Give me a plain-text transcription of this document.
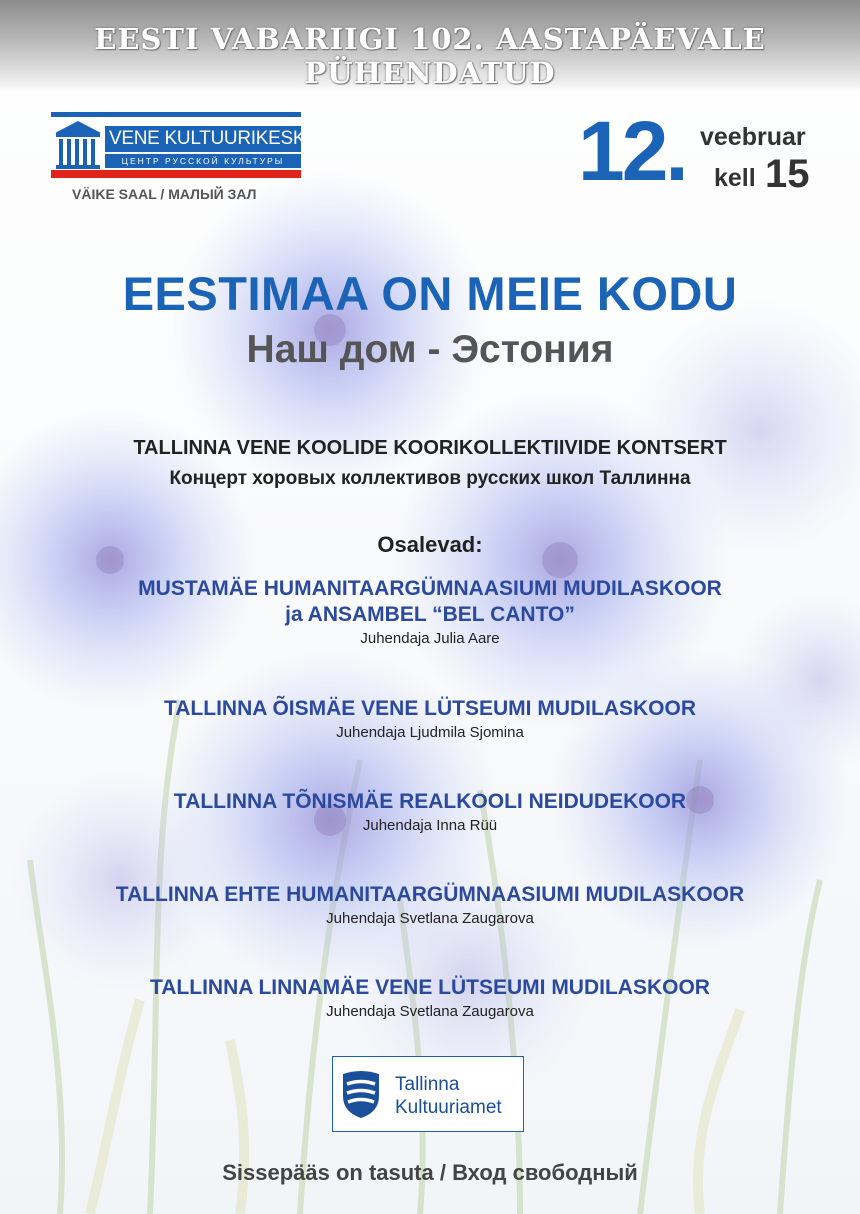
EESTI VABARIIGI 102. AASTAPÄEVALE PÜHENDATUD
VENE KULTUURIKESKUS
ЦЕНТР РУССКОЙ КУЛЬТУРЫ
VÄIKE SAAL / МАЛЫЙ ЗАЛ	12. veebruar
kell 15
EESTIMAA ON MEIE KODU
Наш дом - Эстония
TALLINNA VENE KOOLIDE KOORIKOLLEKTIIVIDE KONTSERT
Концерт хоровых коллективов русских школ Таллинна
Osalevad:
MUSTAMÄE HUMANITAARGÜMNAASIUMI MUDILASKOOR
ja ANSAMBEL “BEL CANTO”
Juhendaja Julia Aare
TALLINNA ÕISMÄE VENE LÜTSEUMI MUDILASKOOR
Juhendaja Ljudmila Sjomina
TALLINNA TÕNISMÄE REALKOOLI NEIDUDEKOOR
Juhendaja Inna Rüü
TALLINNA EHTE HUMANITAARGÜMNAASIUMI MUDILASKOOR
Juhendaja Svetlana Zaugarova
TALLINNA LINNAMÄE VENE LÜTSEUMI MUDILASKOOR
Juhendaja Svetlana Zaugarova
Tallinna
Kultuuriamet
Sissepääs on tasuta / Вход свободный
